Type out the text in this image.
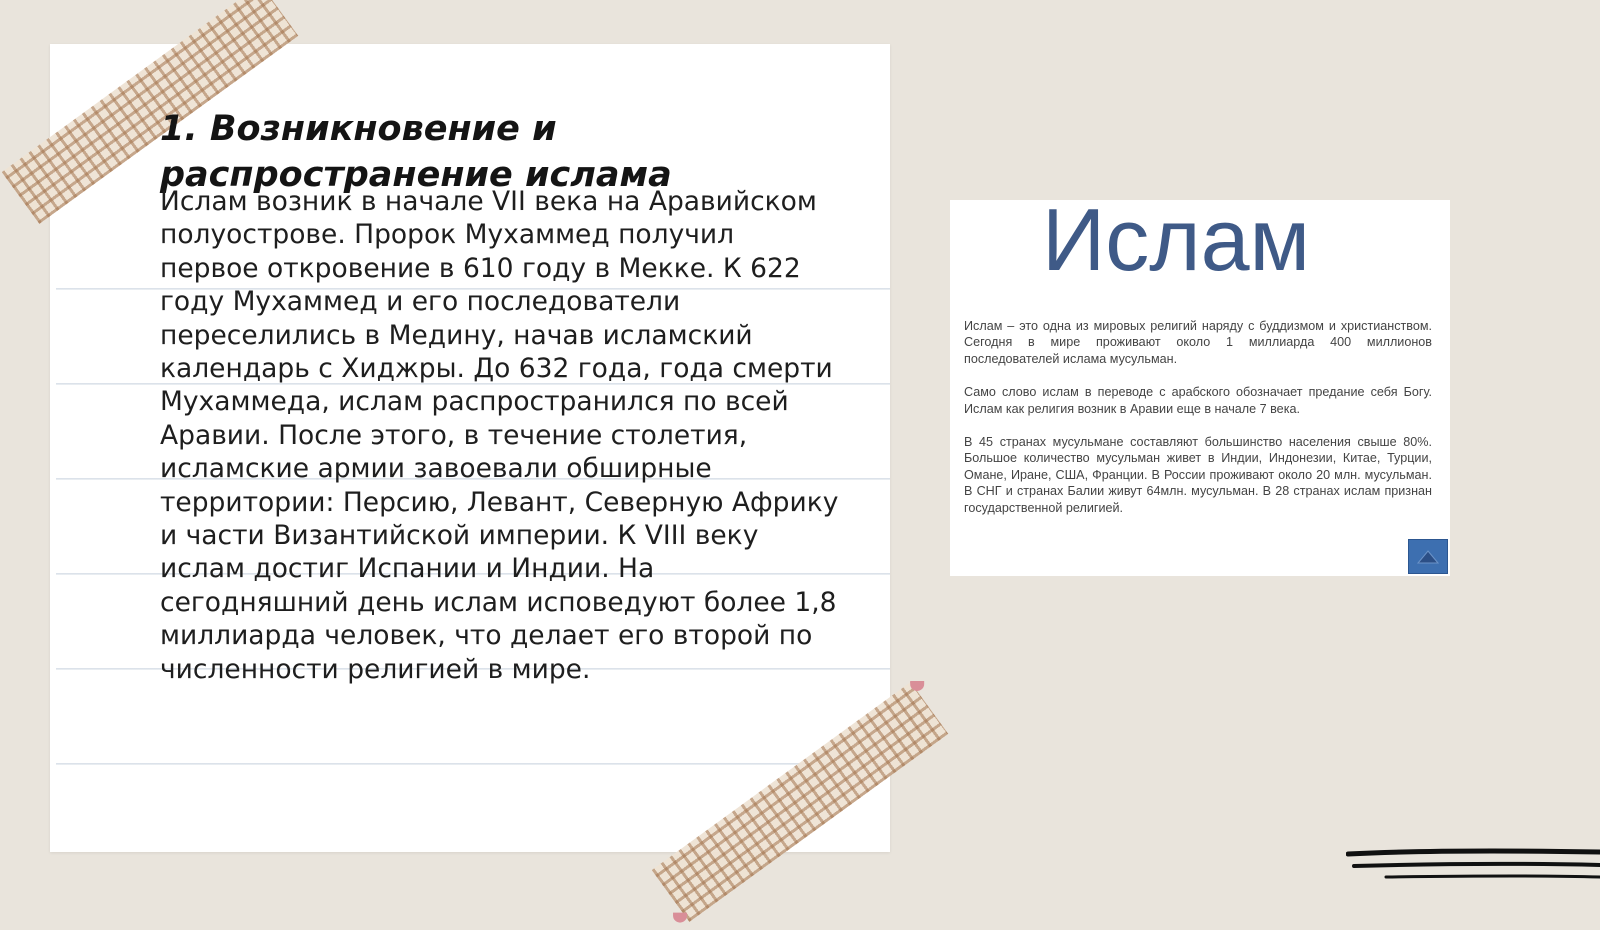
1. Возникновение и распространение ислама

Ислам возник в начале VII века на Аравийском полуострове. Пророк Мухаммед получил первое откровение в 610 году в Мекке. К 622 году Мухаммед и его последователи переселились в Медину, начав исламский календарь с Хиджры. До 632 года, года смерти Мухаммеда, ислам распространился по всей Аравии. После этого, в течение столетия, исламские армии завоевали обширные территории: Персию, Левант, Северную Африку и части Византийской империи. К VIII веку ислам достиг Испании и Индии. На сегодняшний день ислам исповедуют более 1,8 миллиарда человек, что делает его второй по численности религией в мире.

Ислам

Ислам – это одна из мировых религий наряду с буддизмом и христианством. Сегодня в мире проживают около 1 миллиарда 400 миллионов последователей ислама мусульман.

Само слово ислам в переводе с арабского обозначает предание себя Богу. Ислам как религия возник в Аравии еще в начале 7 века.

В 45 странах мусульмане составляют большинство населения свыше 80%. Большое количество мусульман живет в Индии, Индонезии, Китае, Турции, Омане, Иране, США, Франции. В России проживают около 20 млн. мусульман. В СНГ и странах Балии живут 64млн. мусульман. В 28 странах ислам признан государственной религией.
